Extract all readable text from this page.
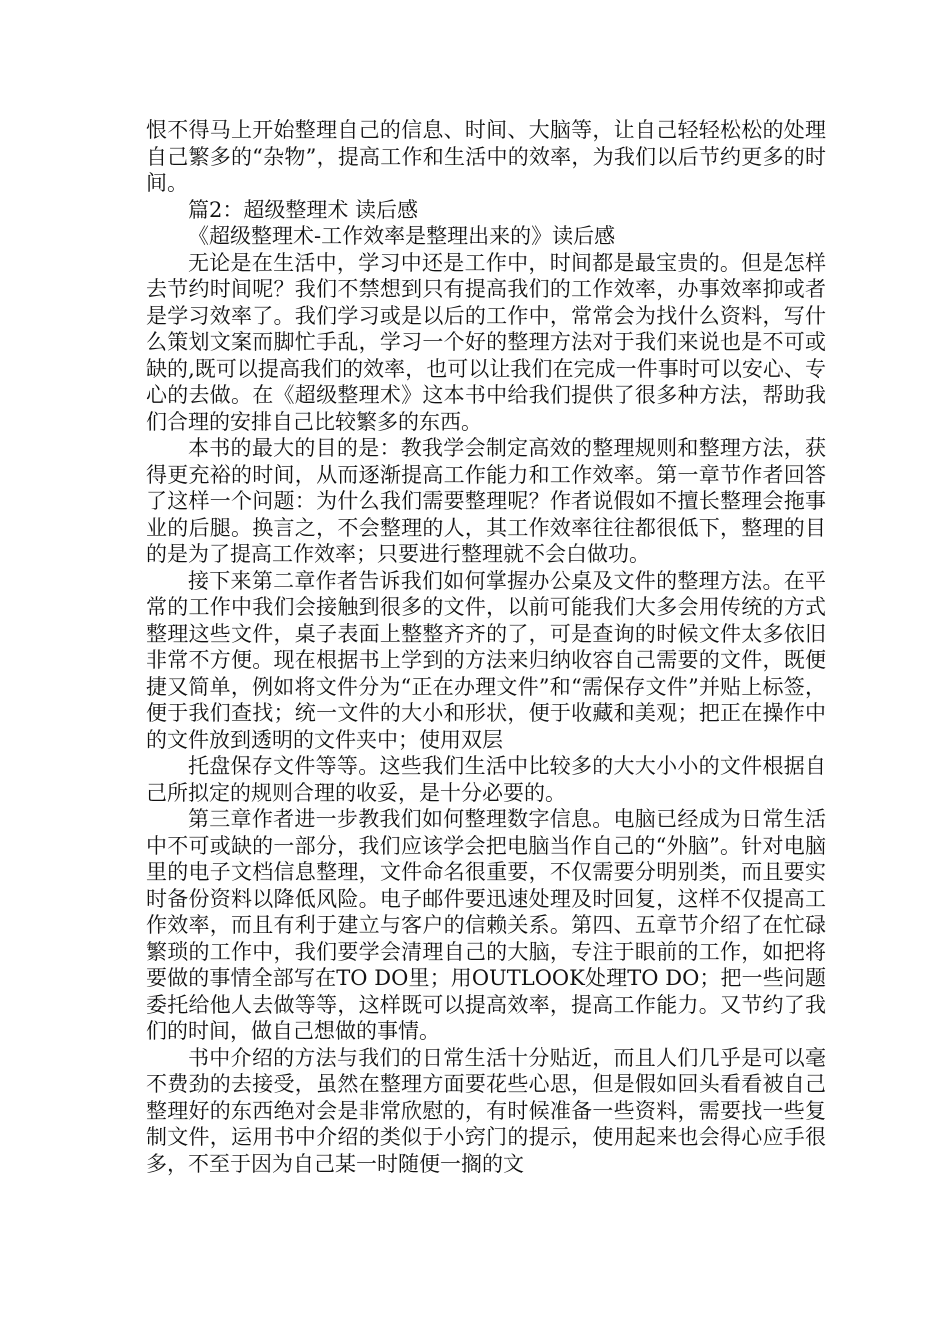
恨不得马上开始整理自己的信息、时间、大脑等，让自己轻轻松松的处理自己繁多的“杂物”，提高工作和生活中的效率，为我们以后节约更多的时间。

篇2：超级整理术 读后感

《超级整理术-工作效率是整理出来的》读后感

无论是在生活中，学习中还是工作中，时间都是最宝贵的。但是怎样去节约时间呢？我们不禁想到只有提高我们的工作效率，办事效率抑或者是学习效率了。我们学习或是以后的工作中，常常会为找什么资料，写什么策划文案而脚忙手乱，学习一个好的整理方法对于我们来说也是不可或缺的,既可以提高我们的效率，也可以让我们在完成一件事时可以安心、专心的去做。在《超级整理术》这本书中给我们提供了很多种方法，帮助我们合理的安排自己比较繁多的东西。

本书的最大的目的是：教我学会制定高效的整理规则和整理方法，获得更充裕的时间，从而逐渐提高工作能力和工作效率。第一章节作者回答了这样一个问题：为什么我们需要整理呢？作者说假如不擅长整理会拖事业的后腿。换言之，不会整理的人，其工作效率往往都很低下，整理的目的是为了提高工作效率；只要进行整理就不会白做功。

接下来第二章作者告诉我们如何掌握办公桌及文件的整理方法。在平常的工作中我们会接触到很多的文件，以前可能我们大多会用传统的方式整理这些文件，桌子表面上整整齐齐的了，可是查询的时候文件太多依旧非常不方便。现在根据书上学到的方法来归纳收容自己需要的文件，既便捷又简单，例如将文件分为“正在办理文件”和“需保存文件”并贴上标签，便于我们查找；统一文件的大小和形状，便于收藏和美观；把正在操作中的文件放到透明的文件夹中；使用双层

托盘保存文件等等。这些我们生活中比较多的大大小小的文件根据自己所拟定的规则合理的收妥，是十分必要的。

第三章作者进一步教我们如何整理数字信息。电脑已经成为日常生活中不可或缺的一部分，我们应该学会把电脑当作自己的“外脑”。针对电脑里的电子文档信息整理，文件命名很重要，不仅需要分明别类，而且要实时备份资料以降低风险。电子邮件要迅速处理及时回复，这样不仅提高工作效率，而且有利于建立与客户的信赖关系。第四、五章节介绍了在忙碌繁琐的工作中，我们要学会清理自己的大脑，专注于眼前的工作，如把将要做的事情全部写在TO DO里；用OUTLOOK处理TO DO；把一些问题委托给他人去做等等，这样既可以提高效率，提高工作能力。又节约了我们的时间，做自己想做的事情。

书中介绍的方法与我们的日常生活十分贴近，而且人们几乎是可以毫不费劲的去接受，虽然在整理方面要花些心思，但是假如回头看看被自己整理好的东西绝对会是非常欣慰的，有时候准备一些资料，需要找一些复制文件，运用书中介绍的类似于小窍门的提示，使用起来也会得心应手很多，不至于因为自己某一时随便一搁的文
